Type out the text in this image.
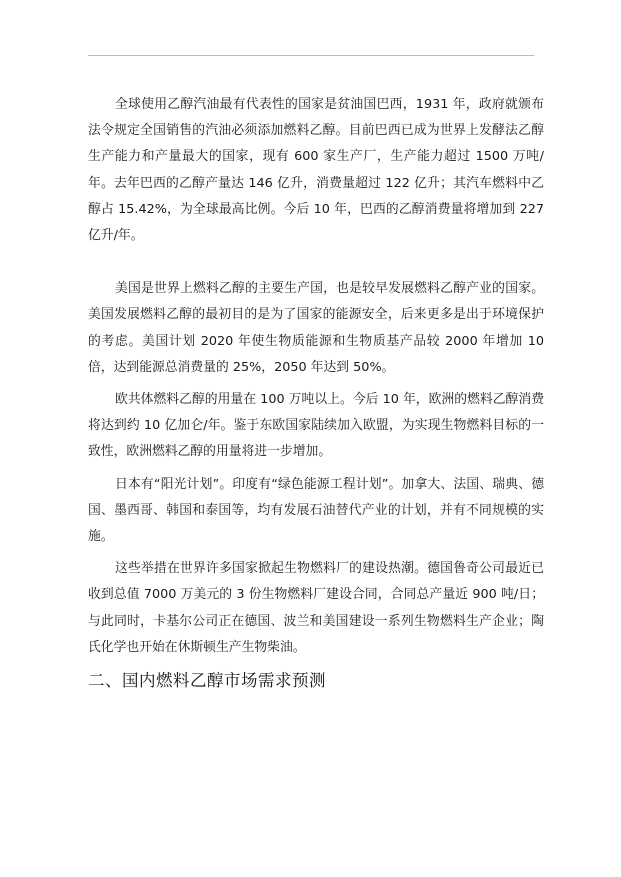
全球使用乙醇汽油最有代表性的国家是贫油国巴西，1931 年，政府就颁布法令规定全国销售的汽油必须添加燃料乙醇。目前巴西已成为世界上发酵法乙醇生产能力和产量最大的国家，现有 600 家生产厂，生产能力超过 1500 万吨/年。去年巴西的乙醇产量达 146 亿升，消费量超过 122 亿升；其汽车燃料中乙醇占 15.42%，为全球最高比例。今后 10 年，巴西的乙醇消费量将增加到 227 亿升/年。

美国是世界上燃料乙醇的主要生产国，也是较早发展燃料乙醇产业的国家。美国发展燃料乙醇的最初目的是为了国家的能源安全，后来更多是出于环境保护的考虑。美国计划 2020 年使生物质能源和生物质基产品较 2000 年增加 10 倍，达到能源总消费量的 25%，2050 年达到 50%。

欧共体燃料乙醇的用量在 100 万吨以上。今后 10 年，欧洲的燃料乙醇消费将达到约 10 亿加仑/年。鉴于东欧国家陆续加入欧盟，为实现生物燃料目标的一致性，欧洲燃料乙醇的用量将进一步增加。

日本有“阳光计划”。印度有“绿色能源工程计划”。加拿大、法国、瑞典、德国、墨西哥、韩国和泰国等，均有发展石油替代产业的计划，并有不同规模的实施。

这些举措在世界许多国家掀起生物燃料厂的建设热潮。德国鲁奇公司最近已收到总值 7000 万美元的 3 份生物燃料厂建设合同，合同总产量近 900 吨/日；与此同时，卡基尔公司正在德国、波兰和美国建设一系列生物燃料生产企业；陶氏化学也开始在休斯顿生产生物柴油。

二、国内燃料乙醇市场需求预测
